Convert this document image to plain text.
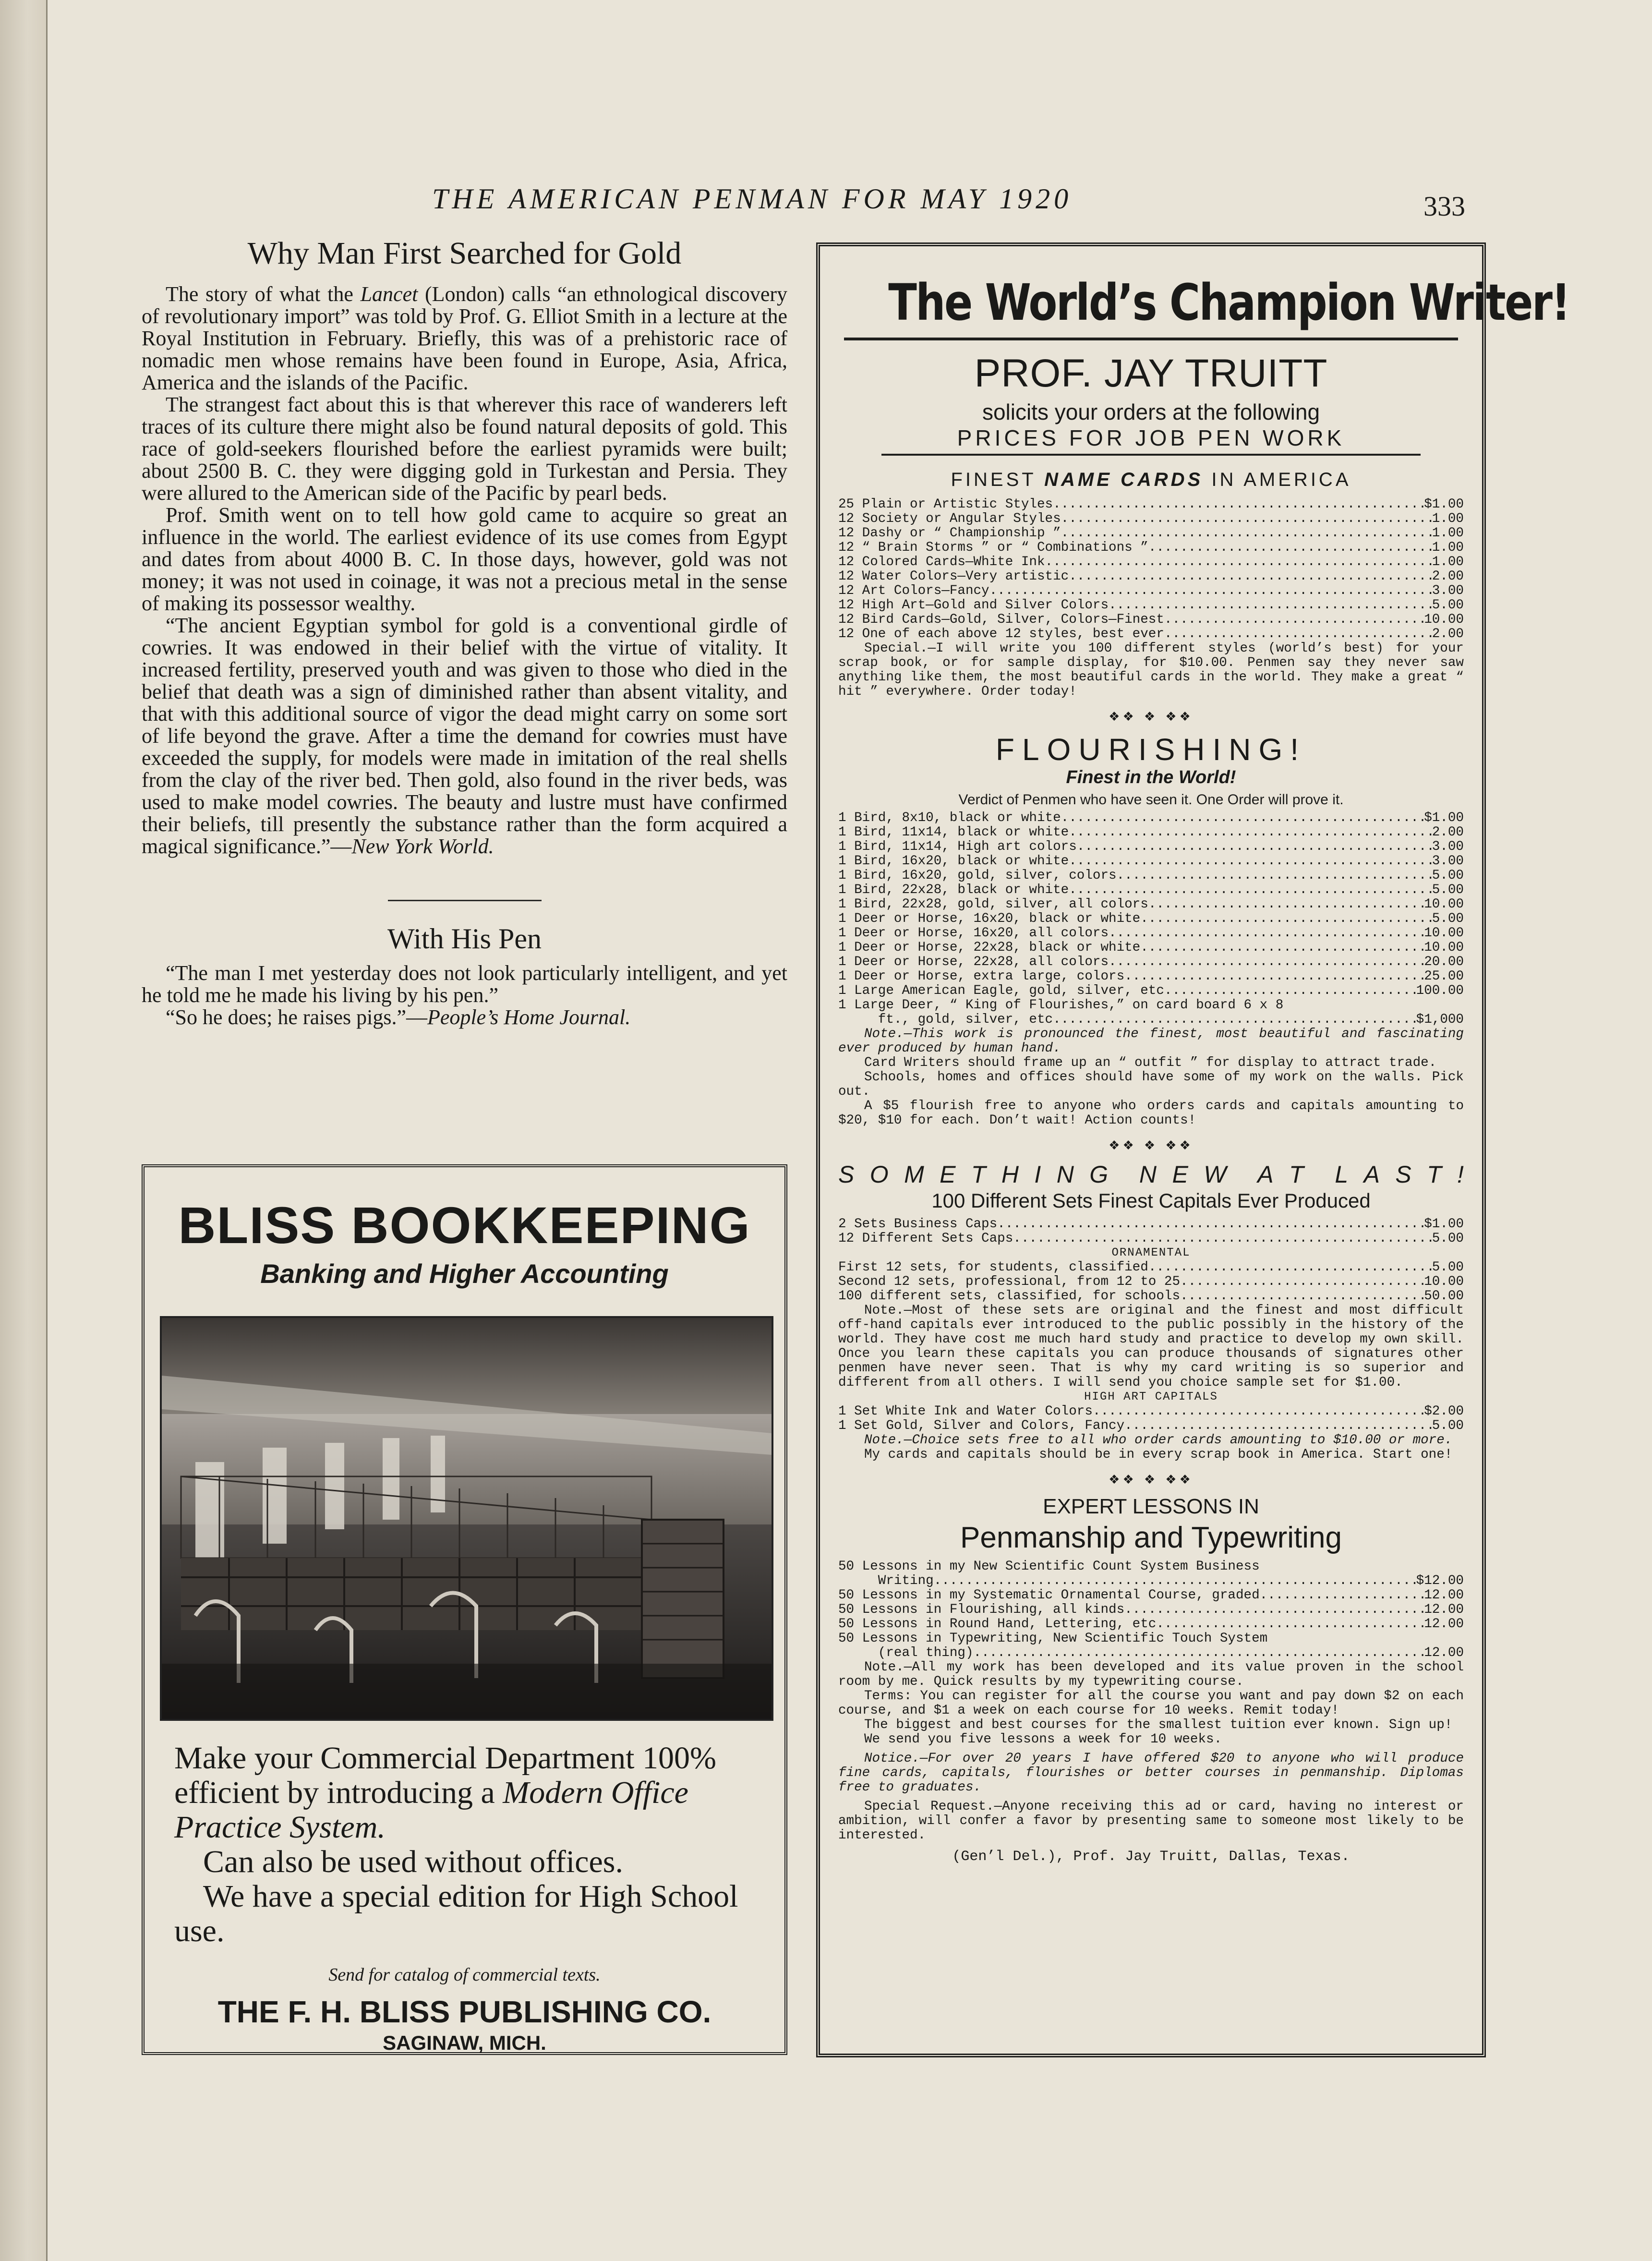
THE AMERICAN PENMAN FOR MAY 1920	333
Why Man First Searched for Gold

The story of what the Lancet (London) calls “an ethnological discovery of revolutionary import” was told by Prof. G. Elliot Smith in a lecture at the Royal Institution in February. Briefly, this was of a prehistoric race of nomadic men whose remains have been found in Europe, Asia, Africa, America and the islands of the Pacific.

The strangest fact about this is that wherever this race of wanderers left traces of its culture there might also be found natural deposits of gold. This race of gold-seekers flourished before the earliest pyramids were built; about 2500 B. C. they were digging gold in Turkestan and Persia. They were allured to the American side of the Pacific by pearl beds.

Prof. Smith went on to tell how gold came to acquire so great an influence in the world. The earliest evidence of its use comes from Egypt and dates from about 4000 B. C. In those days, however, gold was not money; it was not used in coinage, it was not a precious metal in the sense of making its possessor wealthy.

“The ancient Egyptian symbol for gold is a conventional girdle of cowries. It was endowed in their belief with the virtue of vitality. It increased fertility, preserved youth and was given to those who died in the belief that death was a sign of diminished rather than absent vitality, and that with this additional source of vigor the dead might carry on some sort of life beyond the grave. After a time the demand for cowries must have exceeded the supply, for models were made in imitation of the real shells from the clay of the river bed. Then gold, also found in the river beds, was used to make model cowries. The beauty and lustre must have confirmed their beliefs, till presently the substance rather than the form acquired a magical significance.”—New York World.

With His Pen

“The man I met yesterday does not look particularly intelligent, and yet he told me he made his living by his pen.”

“So he does; he raises pigs.”—People’s Home Journal.

BLISS BOOKKEEPING
Banking and Higher Accounting
Make your Commercial Department 100% efficient by introducing a Modern Office Practice System.
Can also be used without offices.
We have a special edition for High School use.
Send for catalog of commercial texts.
THE F. H. BLISS PUBLISHING CO.
SAGINAW, MICH.
The World’s Champion Writer!
PROF. JAY TRUITT
solicits your orders at the following
PRICES FOR JOB PEN WORK
FINEST NAME CARDS IN AMERICA
25 Plain or Artistic Styles .....	$1.00
12 Society or Angular Styles .....	1.00
12 Dashy or “ Championship ” .....	1.00
12 “ Brain Storms ” or “ Combinations ” .....	1.00
12 Colored Cards—White Ink .....	1.00
12 Water Colors—Very artistic .....	2.00
12 Art Colors—Fancy .....	3.00
12 High Art—Gold and Silver Colors .....	5.00
12 Bird Cards—Gold, Silver, Colors—Finest .....	10.00
12 One of each above 12 styles, best ever .....	2.00

Special.—I will write you 100 different styles (world’s best) for your scrap book, or for sample display, for $10.00. Penmen say they never saw anything like them, the most beautiful cards in the world. They make a great “ hit ” everywhere. Order today!

❖❖ ❖ ❖❖
FLOURISHING!
Finest in the World!
Verdict of Penmen who have seen it. One Order will prove it.
1 Bird, 8x10, black or white .....	$1.00
1 Bird, 11x14, black or white .....	2.00
1 Bird, 11x14, High art colors .....	3.00
1 Bird, 16x20, black or white .....	3.00
1 Bird, 16x20, gold, silver, colors .....	5.00
1 Bird, 22x28, black or white .....	5.00
1 Bird, 22x28, gold, silver, all colors .....	10.00
1 Deer or Horse, 16x20, black or white .....	5.00
1 Deer or Horse, 16x20, all colors .....	10.00
1 Deer or Horse, 22x28, black or white .....	10.00
1 Deer or Horse, 22x28, all colors .....	20.00
1 Deer or Horse, extra large, colors .....	25.00
1 Large American Eagle, gold, silver, etc .....	100.00
1 Large Deer, “ King of Flourishes,” on card board 6 x 8
ft., gold, silver, etc .....	$1,000

Note.—This work is pronounced the finest, most beautiful and fascinating ever produced by human hand.

Card Writers should frame up an “ outfit ” for display to attract trade.

Schools, homes and offices should have some of my work on the walls. Pick out.

A $5 flourish free to anyone who orders cards and capitals amounting to $20, $10 for each. Don’t wait! Action counts!

❖❖ ❖ ❖❖
S O M E T H I N G N E W A T L A S T !
100 Different Sets Finest Capitals Ever Produced
2 Sets Business Caps .....	$1.00
12 Different Sets Caps .....	5.00
ORNAMENTAL
First 12 sets, for students, classified .....	5.00
Second 12 sets, professional, from 12 to 25 .....	10.00
100 different sets, classified, for schools .....	50.00

Note.—Most of these sets are original and the finest and most difficult off-hand capitals ever introduced to the public possibly in the history of the world. They have cost me much hard study and practice to develop my own skill. Once you learn these capitals you can produce thousands of signatures other penmen have never seen. That is why my card writing is so superior and different from all others. I will send you choice sample set for $1.00.

HIGH ART CAPITALS
1 Set White Ink and Water Colors .....	$2.00
1 Set Gold, Silver and Colors, Fancy .....	5.00

Note.—Choice sets free to all who order cards amounting to $10.00 or more.

My cards and capitals should be in every scrap book in America. Start one!

❖❖ ❖ ❖❖
EXPERT LESSONS IN
Penmanship and Typewriting
50 Lessons in my New Scientific Count System Business
Writing .....	$12.00
50 Lessons in my Systematic Ornamental Course, graded .....	12.00
50 Lessons in Flourishing, all kinds .....	12.00
50 Lessons in Round Hand, Lettering, etc .....	12.00
50 Lessons in Typewriting, New Scientific Touch System
(real thing) .....	12.00

Note.—All my work has been developed and its value proven in the school room by me. Quick results by my typewriting course.

Terms: You can register for all the course you want and pay down $2 on each course, and $1 a week on each course for 10 weeks. Remit today!

The biggest and best courses for the smallest tuition ever known. Sign up!

We send you five lessons a week for 10 weeks.

Notice.—For over 20 years I have offered $20 to anyone who will produce fine cards, capitals, flourishes or better courses in penmanship. Diplomas free to graduates.

Special Request.—Anyone receiving this ad or card, having no interest or ambition, will confer a favor by presenting same to someone most likely to be interested.

(Gen’l Del.), Prof. Jay Truitt, Dallas, Texas.
